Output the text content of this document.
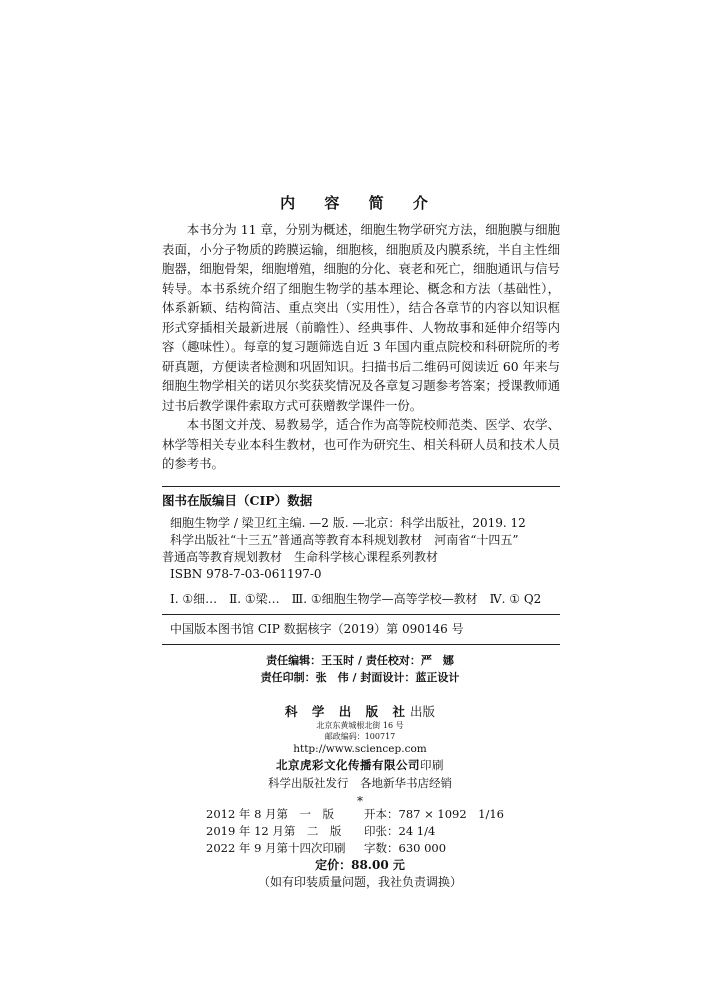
内 容 简 介

本书分为 11 章，分别为概述，细胞生物学研究方法，细胞膜与细胞表面，小分子物质的跨膜运输，细胞核，细胞质及内膜系统，半自主性细胞器，细胞骨架，细胞增殖，细胞的分化、衰老和死亡，细胞通讯与信号转导。本书系统介绍了细胞生物学的基本理论、概念和方法（基础性），体系新颖、结构简洁、重点突出（实用性），结合各章节的内容以知识框形式穿插相关最新进展（前瞻性）、经典事件、人物故事和延伸介绍等内容（趣味性）。每章的复习题筛选自近 3 年国内重点院校和科研院所的考研真题，方便读者检测和巩固知识。扫描书后二维码可阅读近 60 年来与细胞生物学相关的诺贝尔奖获奖情况及各章复习题参考答案；授课教师通过书后教学课件索取方式可获赠教学课件一份。

本书图文并茂、易教易学，适合作为高等院校师范类、医学、农学、林学等相关专业本科生教材，也可作为研究生、相关科研人员和技术人员的参考书。

图书在版编目（CIP）数据
细胞生物学 / 梁卫红主编. —2 版. —北京：科学出版社，2019. 12
科学出版社“十三五”普通高等教育本科规划教材　河南省“十四五”
普通高等教育规划教材　生命科学核心课程系列教材
ISBN 978-7-03-061197-0
Ⅰ. ①细…　Ⅱ. ①梁…　Ⅲ. ①细胞生物学—高等学校—教材　Ⅳ. ① Q2
中国版本图书馆 CIP 数据核字（2019）第 090146 号
责任编辑：王玉时 / 责任校对：严　娜
责任印制：张　伟 / 封面设计：蓝正设计
科 学 出 版 社出版
北京东黄城根北街 16 号
邮政编码：100717
http://www.sciencep.com
北京虎彩文化传播有限公司印刷
科学出版社发行　各地新华书店经销
*
2012 年 8 月第　一　版	开本：787 × 1092　1/16
2019 年 12 月第　二　版	印张：24 1/4
2022 年 9 月第十四次印刷	字数：630 000
定价：88.00 元
（如有印装质量问题，我社负责调换）
